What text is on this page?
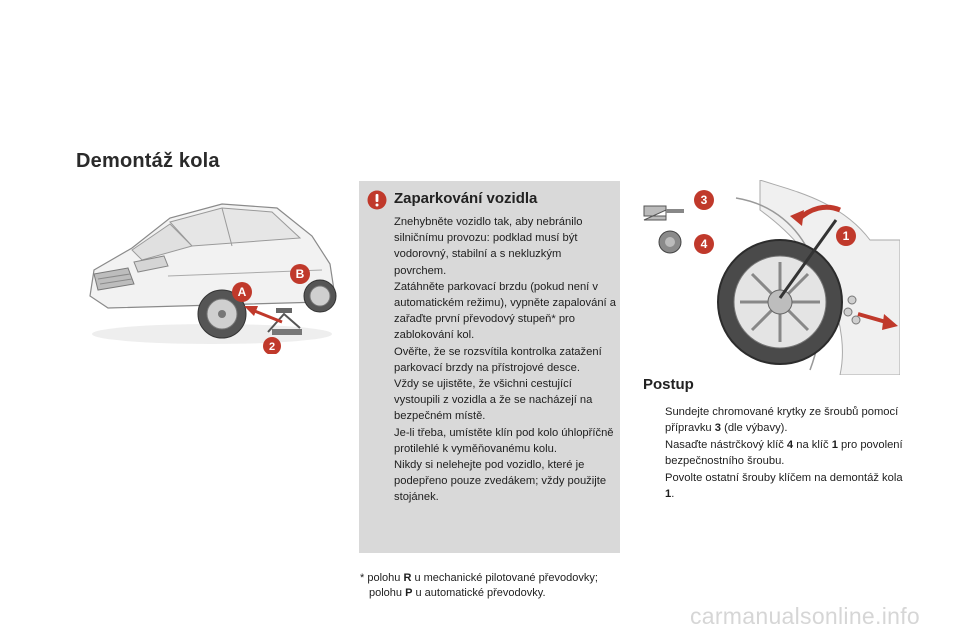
Demontáž kola
A
B
2
Zaparkování vozidla

Znehybněte vozidlo tak, aby nebránilo silničnímu provozu: podklad musí být vodorovný, stabilní a s nekluzkým povrchem.

Zatáhněte parkovací brzdu (pokud není v automatickém režimu), vypněte zapalování a zařaďte první převodový stupeň* pro zablokování kol.

Ověřte, že se rozsvítila kontrolka zatažení parkovací brzdy na přístrojové desce.

Vždy se ujistěte, že všichni cestující vystoupili z vozidla a že se nacházejí na bezpečném místě.

Je-li třeba, umístěte klín pod kolo úhlopříčně protilehlé k vyměňovanému kolu.

Nikdy si nelehejte pod vozidlo, které je podepřeno pouze zvedákem; vždy použijte stojánek.

* polohu R u mechanické pilotované převodovky;

polohu P u automatické převodovky.

3
4
1
Postup
Sundejte chromované krytky ze šroubů pomocí přípravku 3 (dle výbavy).
Nasaďte nástrčkový klíč 4 na klíč 1 pro povolení bezpečnostního šroubu.
Povolte ostatní šrouby klíčem na demontáž kola 1.
carmanualsonline.info
